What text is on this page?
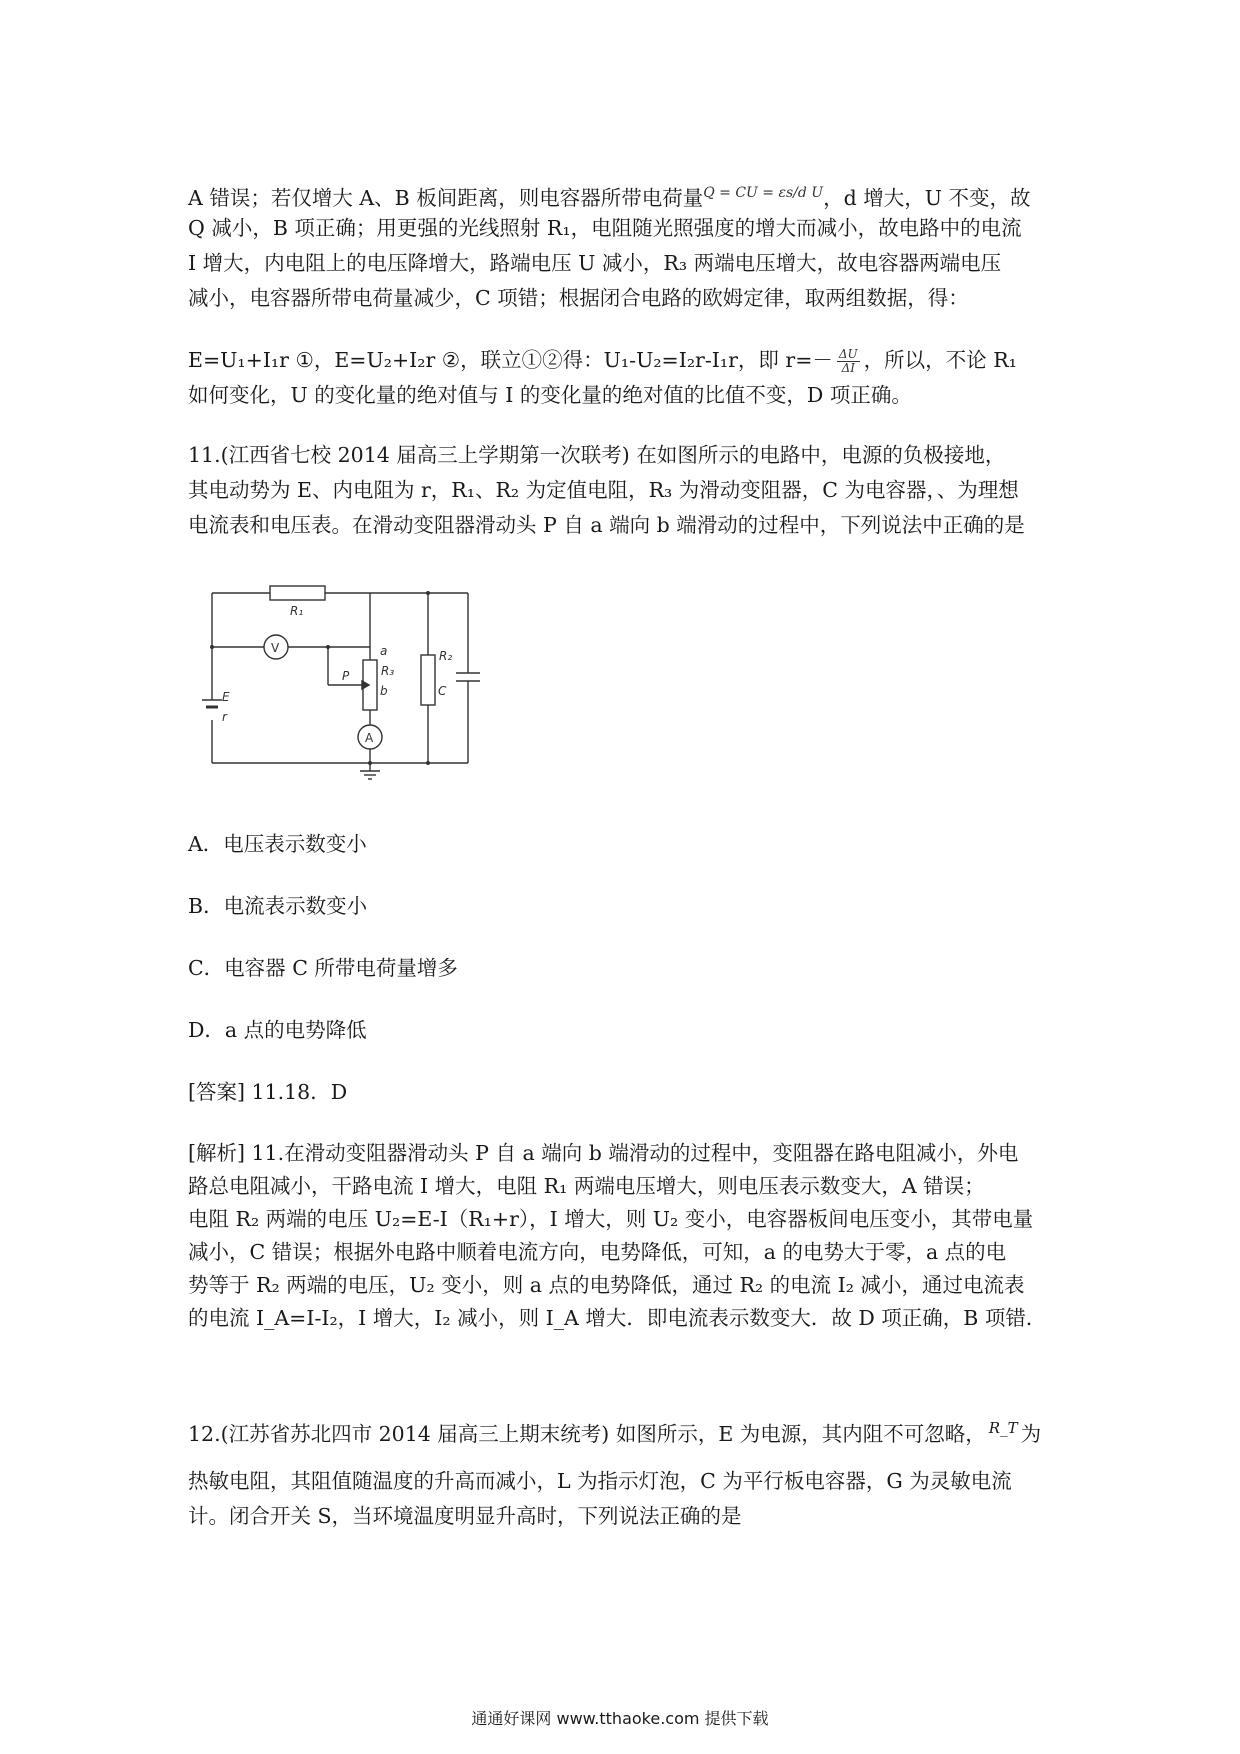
A 错误；若仅增大 A、B 板间距离，则电容器所带电荷量$^{Q = CU = \varepsilon s/d U}$，d 增大，U 不变，故
Q 减小，B 项正确；用更强的光线照射 R₁，电阻随光照强度的增大而减小，故电路中的电流
I 增大，内电阻上的电压降增大，路端电压 U 减小，R₃ 两端电压增大，故电容器两端电压
减小，电容器所带电荷量减少，C 项错；根据闭合电路的欧姆定律，取两组数据，得：
E=U₁+I₁r ①，E=U₂+I₂r ②，联立①②得：U₁-U₂=I₂r-I₁r，即 $r=- \frac{\Delta U}{\Delta I}$ ，所以，不论 R₁
如何变化，U 的变化量的绝对值与 I 的变化量的绝对值的比值不变，D 项正确。
11.(江西省七校 2014 届高三上学期第一次联考) 在如图所示的电路中，电源的负极接地，
其电动势为 E、内电阻为 r，R₁、R₂ 为定值电阻，R₃ 为滑动变阻器，C 为电容器，、为理想
电流表和电压表。在滑动变阻器滑动头 P 自 a 端向 b 端滑动的过程中，下列说法中正确的是
R₁
V
A
P
a
b
R₃
R₂
C
E
r
A．电压表示数变小
B．电流表示数变小
C．电容器 C 所带电荷量增多
D．a 点的电势降低
[答案] 11.18．D
[解析] 11.在滑动变阻器滑动头 P 自 a 端向 b 端滑动的过程中，变阻器在路电阻减小，外电
路总电阻减小，干路电流 I 增大，电阻 R₁ 两端电压增大，则电压表示数变大，A 错误；
电阻 R₂ 两端的电压 U₂=E-I（R₁+r），I 增大，则 U₂ 变小，电容器板间电压变小，其带电量
减小，C 错误；根据外电路中顺着电流方向，电势降低，可知，a 的电势大于零，a 点的电
势等于 R₂ 两端的电压，U₂ 变小，则 a 点的电势降低，通过 R₂ 的电流 I₂ 减小，通过电流表
的电流 I_A=I-I₂，I 增大，I₂ 减小，则 I_A 增大．即电流表示数变大．故 D 项正确，B 项错．
12.(江苏省苏北四市 2014 届高三上期末统考) 如图所示，E 为电源，其内阻不可忽略， $^{R\_T}$ 为
热敏电阻，其阻值随温度的升高而减小，L 为指示灯泡，C 为平行板电容器，G 为灵敏电流
计。闭合开关 S，当环境温度明显升高时，下列说法正确的是
通通好课网 www.tthaoke.com 提供下载
